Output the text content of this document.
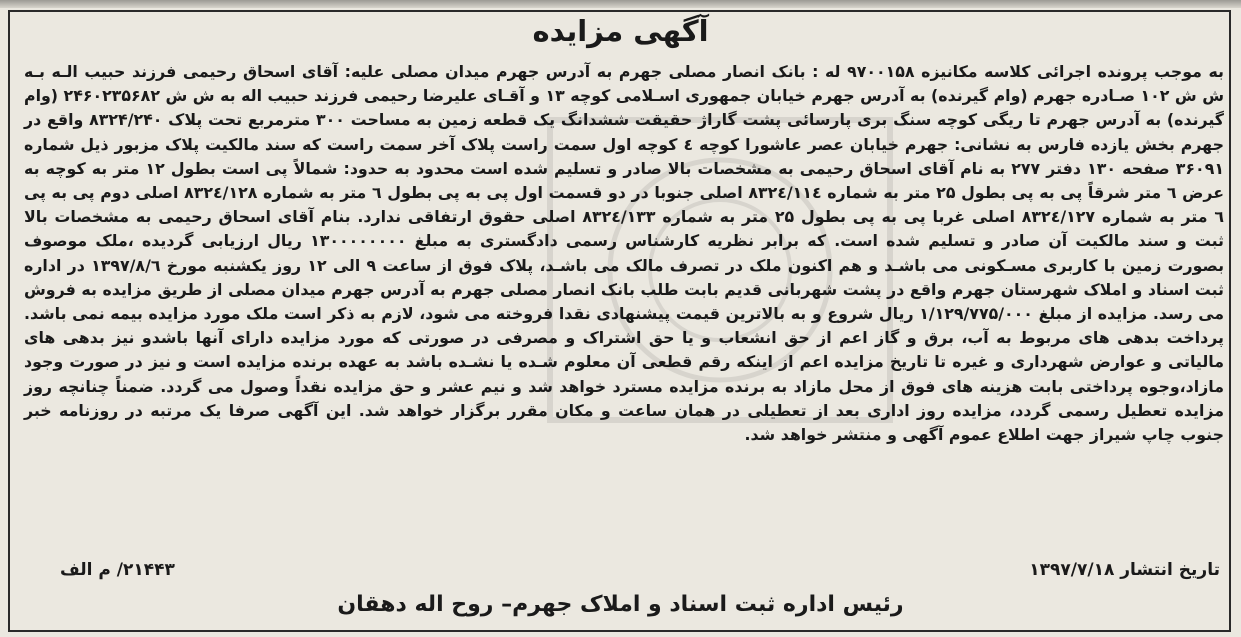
آگهی مزایده
به موجب پرونده اجرائی کلاسه مکانیزه ۹۷۰۰۱۵۸ له : بانک انصار مصلی جهرم به آدرس جهرم میدان مصلی علیه: آقای اسحاق رحیمی فرزند حبیب الـه بـه ش ش ۱۰۲ صـادره جهرم (وام گیرنده) به آدرس جهرم خیابان جمهوری اسـلامی کوچه ۱۳ و آقـای علیرضا رحیمی فرزند حبیب اله به ش ش ۲۴۶۰۲۳۵۶۸۲ (وام گیرنده) به آدرس جهرم تا ریگی کوچه سنگ بری پارسائی پشت گاراژ حقیقت ششدانگ یک قطعه زمین به مساحت ۳۰۰ مترمربع تحت پلاک ۸۳۲۴/۲۴۰ واقع در جهرم بخش یازده فارس به نشانی: جهرم خیابان عصر عاشورا کوچه ٤ کوچه اول سمت راست پلاک آخر سمت راست که سند مالکیت پلاک مزبور ذیل شماره ۳۶۰۹۱ صفحه ۱۳۰ دفتر ۲۷۷ به نام آقای اسحاق رحیمی به مشخصات بالا صادر و تسلیم شده است محدود به حدود: شمالاً پی است بطول ۱۲ متر به کوچه به عرض ٦ متر شرقاً پی به پی بطول ۲۵ متر به شماره ۸۳۲٤/۱۱٤ اصلی جنوبا در دو قسمت اول پی به پی بطول ٦ متر به شماره ۸۳۲٤/۱۲۸ اصلی دوم پی به پی ٦ متر به شماره ۸۳۲٤/۱۲۷ اصلی غربا پی به پی بطول ۲۵ متر به شماره ۸۳۲٤/۱۳۳ اصلی حقوق ارتفاقی ندارد. بنام آقای اسحاق رحیمی به مشخصات بالا ثبت و سند مالکیت آن صادر و تسلیم شده است. که برابر نظریه کارشناس رسمی دادگستری به مبلغ ۱۳۰۰۰۰۰۰۰۰ ریال ارزیابی گردیده ،ملک موصوف بصورت زمین با کاربری مسـکونی می باشـد و هم اکنون ملک در تصرف مالک می باشـد، پلاک فوق از ساعت ۹ الی ۱۲ روز یکشنبه مورخ ۱۳۹۷/۸/٦ در اداره ثبت اسناد و املاک شهرستان جهرم واقع در پشت شهربانی قدیم بابت طلب بانک انصار مصلی جهرم به آدرس جهرم میدان مصلی از طریق مزایده به فروش می رسد. مزایده از مبلغ ۱/۱۲۹/۷۷۵/۰۰۰ ریال شروع و به بالاترین قیمت پیشنهادی نقدا فروخته می شود، لازم به ذکر است ملک مورد مزایده بیمه نمی باشد. پرداخت بدهی های مربوط به آب، برق و گاز اعم از حق انشعاب و یا حق اشتراک و مصرفی در صورتی که مورد مزایده دارای آنها باشدو نیز بدهی های مالیاتی و عوارض شهرداری و غیره تا تاریخ مزایده اعم از اینکه رقم قطعی آن معلوم شـده یا نشـده باشد به عهده برنده مزایده است و نیز در صورت وجود مازاد،وجوه پرداختی بابت هزینه های فوق از محل مازاد به برنده مزایده مسترد خواهد شد و نیم عشر و حق مزایده نقداً وصول می گردد. ضمناً چنانچه روز مزایده تعطیل رسمی گردد، مزایده روز اداری بعد از تعطیلی در همان ساعت و مکان مقرر برگزار خواهد شد. این آگهی صرفا یک مرتبه در روزنامه خبر جنوب چاپ شیراز جهت اطلاع عموم آگهی و منتشر خواهد شد.
تاریخ انتشار ۱۳۹۷/۷/۱۸
۲۱۴۴۳/ م الف
رئیس اداره ثبت اسناد و املاک جهرم– روح اله دهقان
